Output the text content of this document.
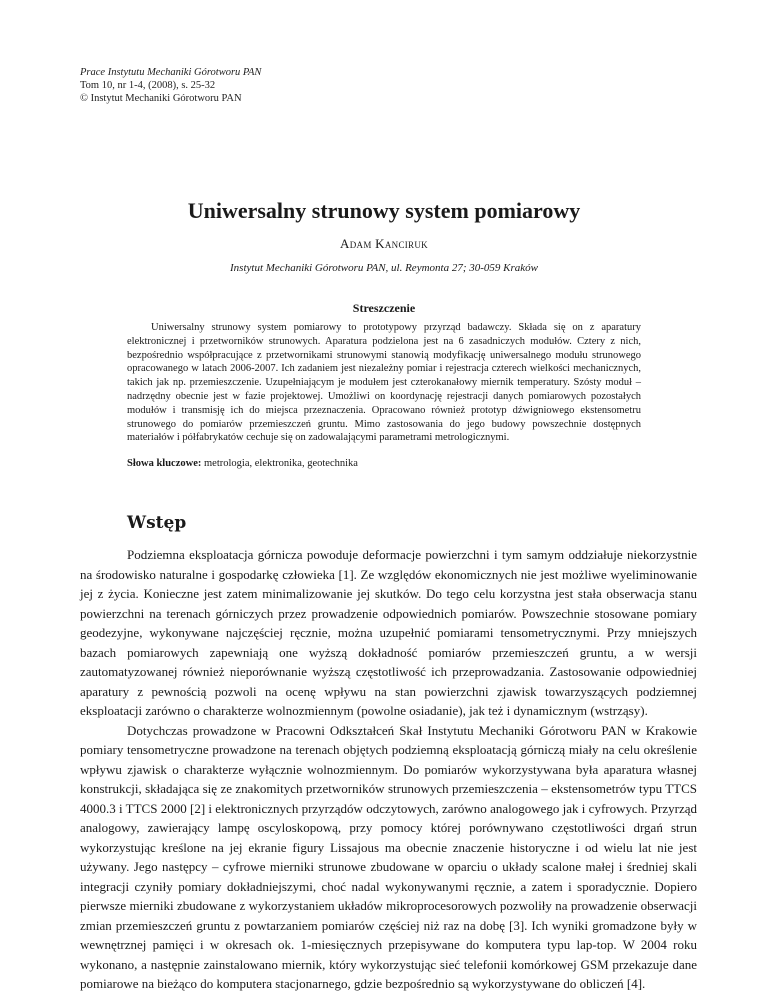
Prace Instytutu Mechaniki Górotworu PAN
Tom 10, nr 1-4, (2008), s. 25-32
© Instytut Mechaniki Górotworu PAN
Uniwersalny strunowy system pomiarowy
Adam Kanciruk
Instytut Mechaniki Górotworu PAN, ul. Reymonta 27; 30-059 Kraków
Streszczenie

Uniwersalny strunowy system pomiarowy to prototypowy przyrząd badawczy. Składa się on z aparatury elektronicznej i przetworników strunowych. Aparatura podzielona jest na 6 zasadniczych modułów. Cztery z nich, bezpośrednio współpracujące z przetwornikami strunowymi stanowią modyfikację uniwersalnego modułu strunowego opracowanego w latach 2006-2007. Ich zadaniem jest niezależny pomiar i rejestracja czterech wielkości mechanicznych, takich jak np. przemieszczenie. Uzupełniającym je modułem jest czterokanałowy miernik temperatury. Szósty moduł – nadrzędny obecnie jest w fazie projektowej. Umożliwi on koordynację rejestracji danych pomiarowych pozostałych modułów i transmisję ich do miejsca przeznaczenia. Opracowano również prototyp dźwigniowego ekstensometru strunowego do pomiarów przemieszczeń gruntu. Mimo zastosowania do jego budowy powszechnie dostępnych materiałów i półfabrykatów cechuje się on zadowalającymi parametrami metrologicznymi.

Słowa kluczowe: metrologia, elektronika, geotechnika
Wstęp

Podziemna eksploatacja górnicza powoduje deformacje powierzchni i tym samym oddziałuje niekorzystnie na środowisko naturalne i gospodarkę człowieka [1]. Ze względów ekonomicznych nie jest możliwe wyeliminowanie jej z życia. Konieczne jest zatem minimalizowanie jej skutków. Do tego celu korzystna jest stała obserwacja stanu powierzchni na terenach górniczych przez prowadzenie odpowiednich pomiarów. Powszechnie stosowane pomiary geodezyjne, wykonywane najczęściej ręcznie, można uzupełnić pomiarami tensometrycznymi. Przy mniejszych bazach pomiarowych zapewniają one wyższą dokładność pomiarów przemieszczeń gruntu, a w wersji zautomatyzowanej również nieporównanie wyższą częstotliwość ich przeprowadzania. Zastosowanie odpowiedniej aparatury z pewnością pozwoli na ocenę wpływu na stan powierzchni zjawisk towarzyszących podziemnej eksploatacji zarówno o charakterze wolnozmiennym (powolne osiadanie), jak też i dynamicznym (wstrząsy).

Dotychczas prowadzone w Pracowni Odkształceń Skał Instytutu Mechaniki Górotworu PAN w Krakowie pomiary tensometryczne prowadzone na terenach objętych podziemną eksploatacją górniczą miały na celu określenie wpływu zjawisk o charakterze wyłącznie wolnozmiennym. Do pomiarów wykorzystywana była aparatura własnej konstrukcji, składająca się ze znakomitych przetworników strunowych przemieszczenia – ekstensometrów typu TTCS 4000.3 i TTCS 2000 [2] i elektronicznych przyrządów odczytowych, zarówno analogowego jak i cyfrowych. Przyrząd analogowy, zawierający lampę oscyloskopową, przy pomocy której porównywano częstotliwości drgań strun wykorzystując kreślone na jej ekranie figury Lissajous ma obecnie znaczenie historyczne i od wielu lat nie jest używany. Jego następcy – cyfrowe mierniki strunowe zbudowane w oparciu o układy scalone małej i średniej skali integracji czyniły pomiary dokładniejszymi, choć nadal wykonywanymi ręcznie, a zatem i sporadycznie. Dopiero pierwsze mierniki zbudowane z wykorzystaniem układów mikroprocesorowych pozwoliły na prowadzenie obserwacji zmian przemieszczeń gruntu z powtarzaniem pomiarów częściej niż raz na dobę [3]. Ich wyniki gromadzone były w wewnętrznej pamięci i w okresach ok. 1-miesięcznych przepisywane do komputera typu lap-top. W 2004 roku wykonano, a następnie zainstalowano miernik, który wykorzystując sieć telefonii komórkowej GSM przekazuje dane pomiarowe na bieżąco do komputera stacjonarnego, gdzie bezpośrednio są wykorzystywane do obliczeń [4].
